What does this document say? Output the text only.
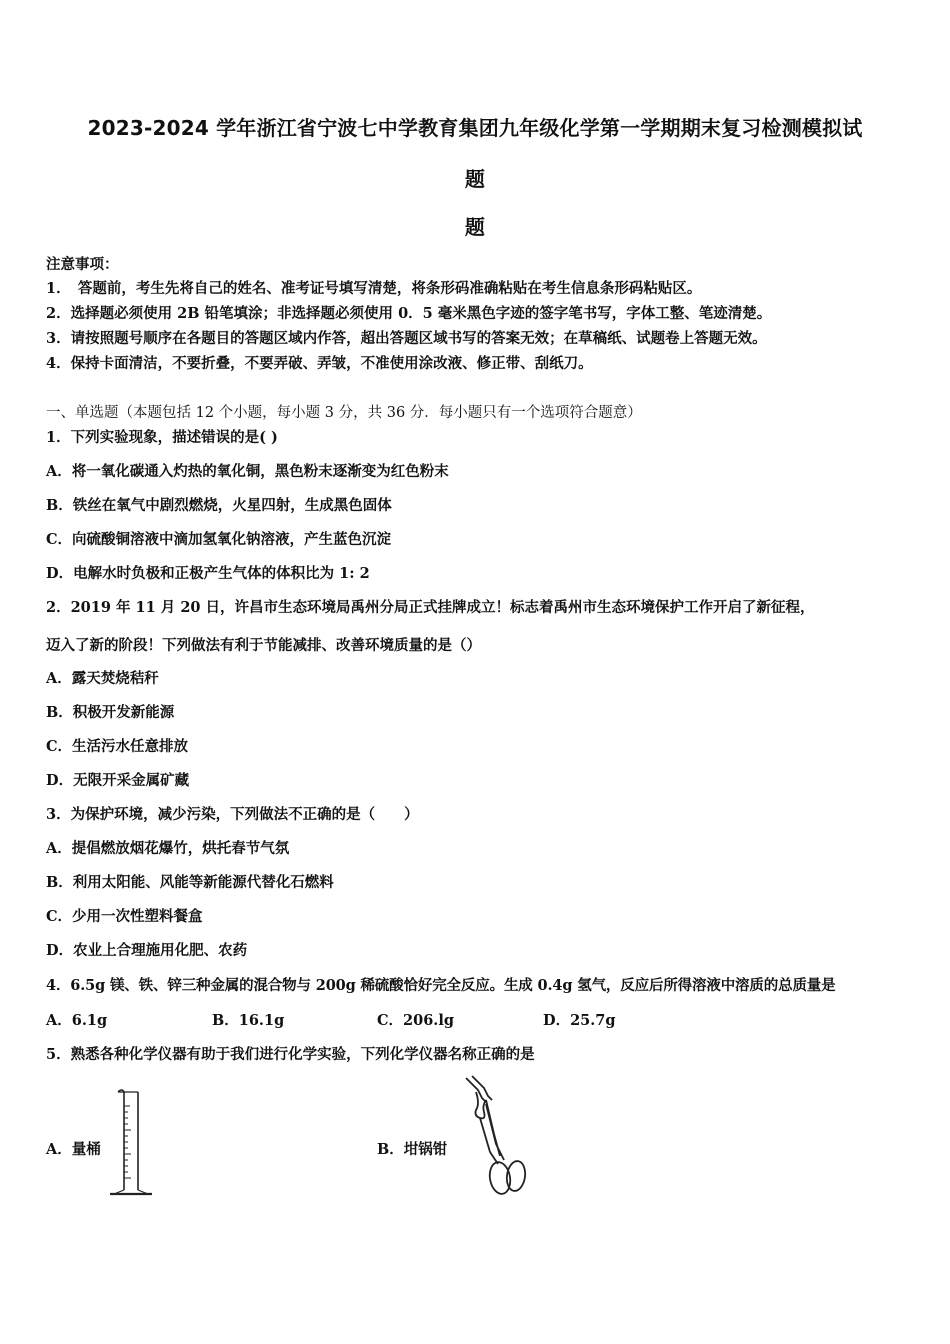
2023-2024 学年浙江省宁波七中学教育集团九年级化学第一学期期末复习检测模拟试
题
题
注意事项：
1．　答题前，考生先将自己的姓名、准考证号填写清楚，将条形码准确粘贴在考生信息条形码粘贴区。
2．选择题必须使用 2B 铅笔填涂；非选择题必须使用 0．5 毫米黑色字迹的签字笔书写，字体工整、笔迹清楚。
3．请按照题号顺序在各题目的答题区域内作答，超出答题区域书写的答案无效；在草稿纸、试题卷上答题无效。
4．保持卡面清洁，不要折叠，不要弄破、弄皱，不准使用涂改液、修正带、刮纸刀。
一、单选题（本题包括 12 个小题，每小题 3 分，共 36 分．每小题只有一个选项符合题意）
1．下列实验现象，描述错误的是( )
A．将一氧化碳通入灼热的氧化铜，黑色粉末逐渐变为红色粉末
B．铁丝在氧气中剧烈燃烧，火星四射，生成黑色固体
C．向硫酸铜溶液中滴加氢氧化钠溶液，产生蓝色沉淀
D．电解水时负极和正极产生气体的体积比为 1: 2
2．2019 年 11 月 20 日，许昌市生态环境局禹州分局正式挂牌成立！标志着禹州市生态环境保护工作开启了新征程，
迈入了新的阶段！下列做法有利于节能减排、改善环境质量的是（）
A．露天焚烧秸秆
B．积极开发新能源
C．生活污水任意排放
D．无限开采金属矿藏
3．为保护环境，减少污染，下列做法不正确的是（　　）
A．提倡燃放烟花爆竹，烘托春节气氛
B．利用太阳能、风能等新能源代替化石燃料
C．少用一次性塑料餐盒
D．农业上合理施用化肥、农药
4．6.5g 镁、铁、锌三种金属的混合物与 200g 稀硫酸恰好完全反应。生成 0.4g 氢气，反应后所得溶液中溶质的总质量是
A．6.1g	B．16.1g	C．206.lg	D．25.7g
5．熟悉各种化学仪器有助于我们进行化学实验，下列化学仪器名称正确的是
A．量桶	B．坩锅钳
